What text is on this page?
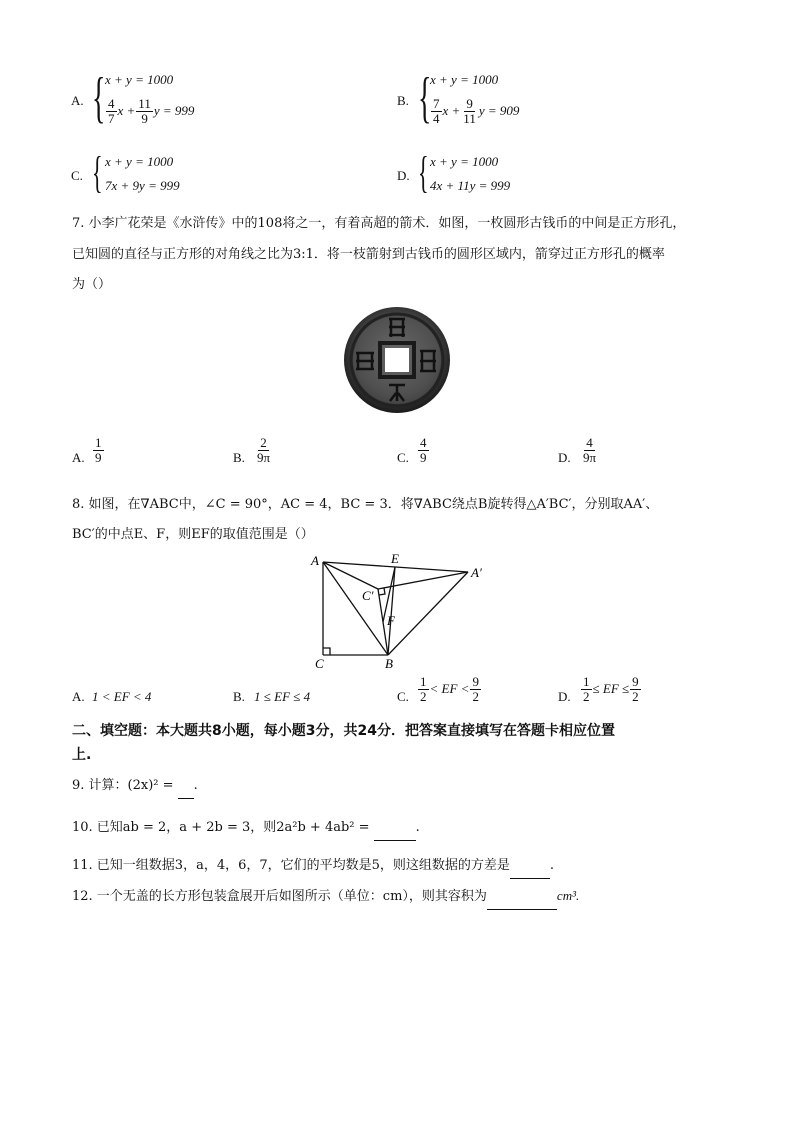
A. { x + y = 1000
$\frac{4}{7}$ $x + \frac{11}{9}$ y = 999
B. {
x + y = 1000
$\frac{7}{4}$ $x + \frac{9}{11}$ y = 909
C. { x + y = 1000
7x + 9y = 999
D. { x + y = 1000
4x + 11y = 999
7. 小李广花荣是《水浒传》中的108将之一，有着高超的箭术．如图，一枚圆形古钱币的中间是正方形孔，
已知圆的直径与正方形的对角线之比为3:1．将一枝箭射到古钱币的圆形区域内，箭穿过正方形孔的概率
为（）
A. $\frac{1}{9}$	B. $\frac{2}{9\pi}$	C. $\frac{4}{9}$	D. $\frac{4}{9\pi}$
8. 如图，在∇ABC中，∠C = 90°，AC = 4，BC = 3．将∇ABC绕点B旋转得△A′BC′，分别取AA′、
BC′的中点E、F，则EF的取值范围是（）
A	E
A′
C′
F
C	B
A. 1 < EF < 4	B. 1 ≤ EF ≤ 4	C. $\frac{1}{2}$ < EF < $\frac{9}{2}$	D. $\frac{1}{2}$ ≤ EF ≤ $\frac{9}{2}$
二、填空题：本大题共8小题，每小题3分，共24分．把答案直接填写在答题卡相应位置
上.
9. 计算：(2x)² = .
10. 已知ab = 2，a + 2b = 3，则2a²b + 4ab² =	.
11. 已知一组数据3，a，4，6，7，它们的平均数是5，则这组数据的方差是	.
12. 一个无盖的长方形包装盒展开后如图所示（单位：cm），则其容积为	cm³.
